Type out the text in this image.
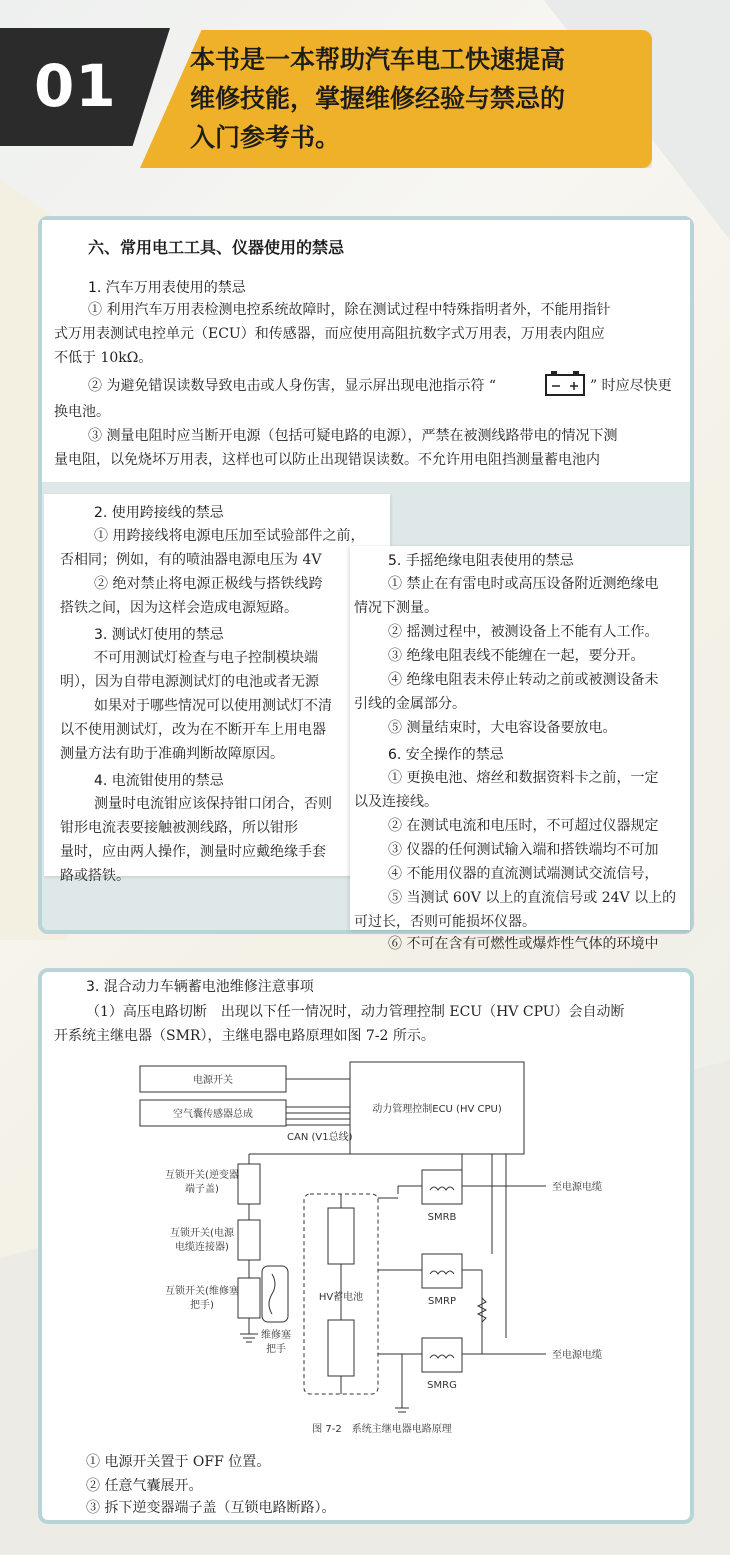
01	本书是一本帮助汽车电工快速提高
维修技能，掌握维修经验与禁忌的
入门参考书。
六、常用电工工具、仪器使用的禁忌
1. 汽车万用表使用的禁忌
① 利用汽车万用表检测电控系统故障时，除在测试过程中特殊指明者外，不能用指针
式万用表测试电控单元（ECU）和传感器，而应使用高阻抗数字式万用表，万用表内阻应
不低于 10kΩ。
② 为避免错误读数导致电击或人身伤害，显示屏出现电池指示符 “	” 时应尽快更
换电池。
③ 测量电阻时应当断开电源（包括可疑电路的电源），严禁在被测线路带电的情况下测
量电阻，以免烧坏万用表，这样也可以防止出现错误读数。不允许用电阻挡测量蓄电池内
2. 使用跨接线的禁忌
① 用跨接线将电源电压加至试验部件之前，
否相同；例如，有的喷油器电源电压为 4V
② 绝对禁止将电源正极线与搭铁线跨
搭铁之间，因为这样会造成电源短路。
3. 测试灯使用的禁忌
不可用测试灯检查与电子控制模块端
明），因为自带电源测试灯的电池或者无源
如果对于哪些情况可以使用测试灯不清
以不使用测试灯，改为在不断开车上用电器
测量方法有助于准确判断故障原因。
4. 电流钳使用的禁忌
测量时电流钳应该保持钳口闭合，否则
钳形电流表要接触被测线路，所以钳形
量时，应由两人操作，测量时应戴绝缘手套
路或搭铁。
5. 手摇绝缘电阻表使用的禁忌
① 禁止在有雷电时或高压设备附近测绝缘电
情况下测量。
② 摇测过程中，被测设备上不能有人工作。
③ 绝缘电阻表线不能缠在一起，要分开。
④ 绝缘电阻表未停止转动之前或被测设备未
引线的金属部分。
⑤ 测量结束时，大电容设备要放电。
6. 安全操作的禁忌
① 更换电池、熔丝和数据资料卡之前，一定
以及连接线。
② 在测试电流和电压时，不可超过仪器规定
③ 仪器的任何测试输入端和搭铁端均不可加
④ 不能用仪器的直流测试端测试交流信号，
⑤ 当测试 60V 以上的直流信号或 24V 以上的
可过长，否则可能损坏仪器。
⑥ 不可在含有可燃性或爆炸性气体的环境中
3. 混合动力车辆蓄电池维修注意事项
（1）高压电路切断　出现以下任一情况时，动力管理控制 ECU（HV CPU）会自动断
开系统主继电器（SMR），主继电器电路原理如图 7-2 所示。
电源开关
空气囊传感器总成	动力管理控制ECU (HV CPU)
CAN (V1总线)
互锁开关(逆变器
端子盖)
互锁开关(电源
电缆连接器)
互锁开关(维修塞
把手)
维修塞
把手
HV蓄电池
SMRB
SMRP
SMRG
至电源电缆
至电源电缆
图 7-2　系统主继电器电路原理
① 电源开关置于 OFF 位置。
② 任意气囊展开。
③ 拆下逆变器端子盖（互锁电路断路）。
